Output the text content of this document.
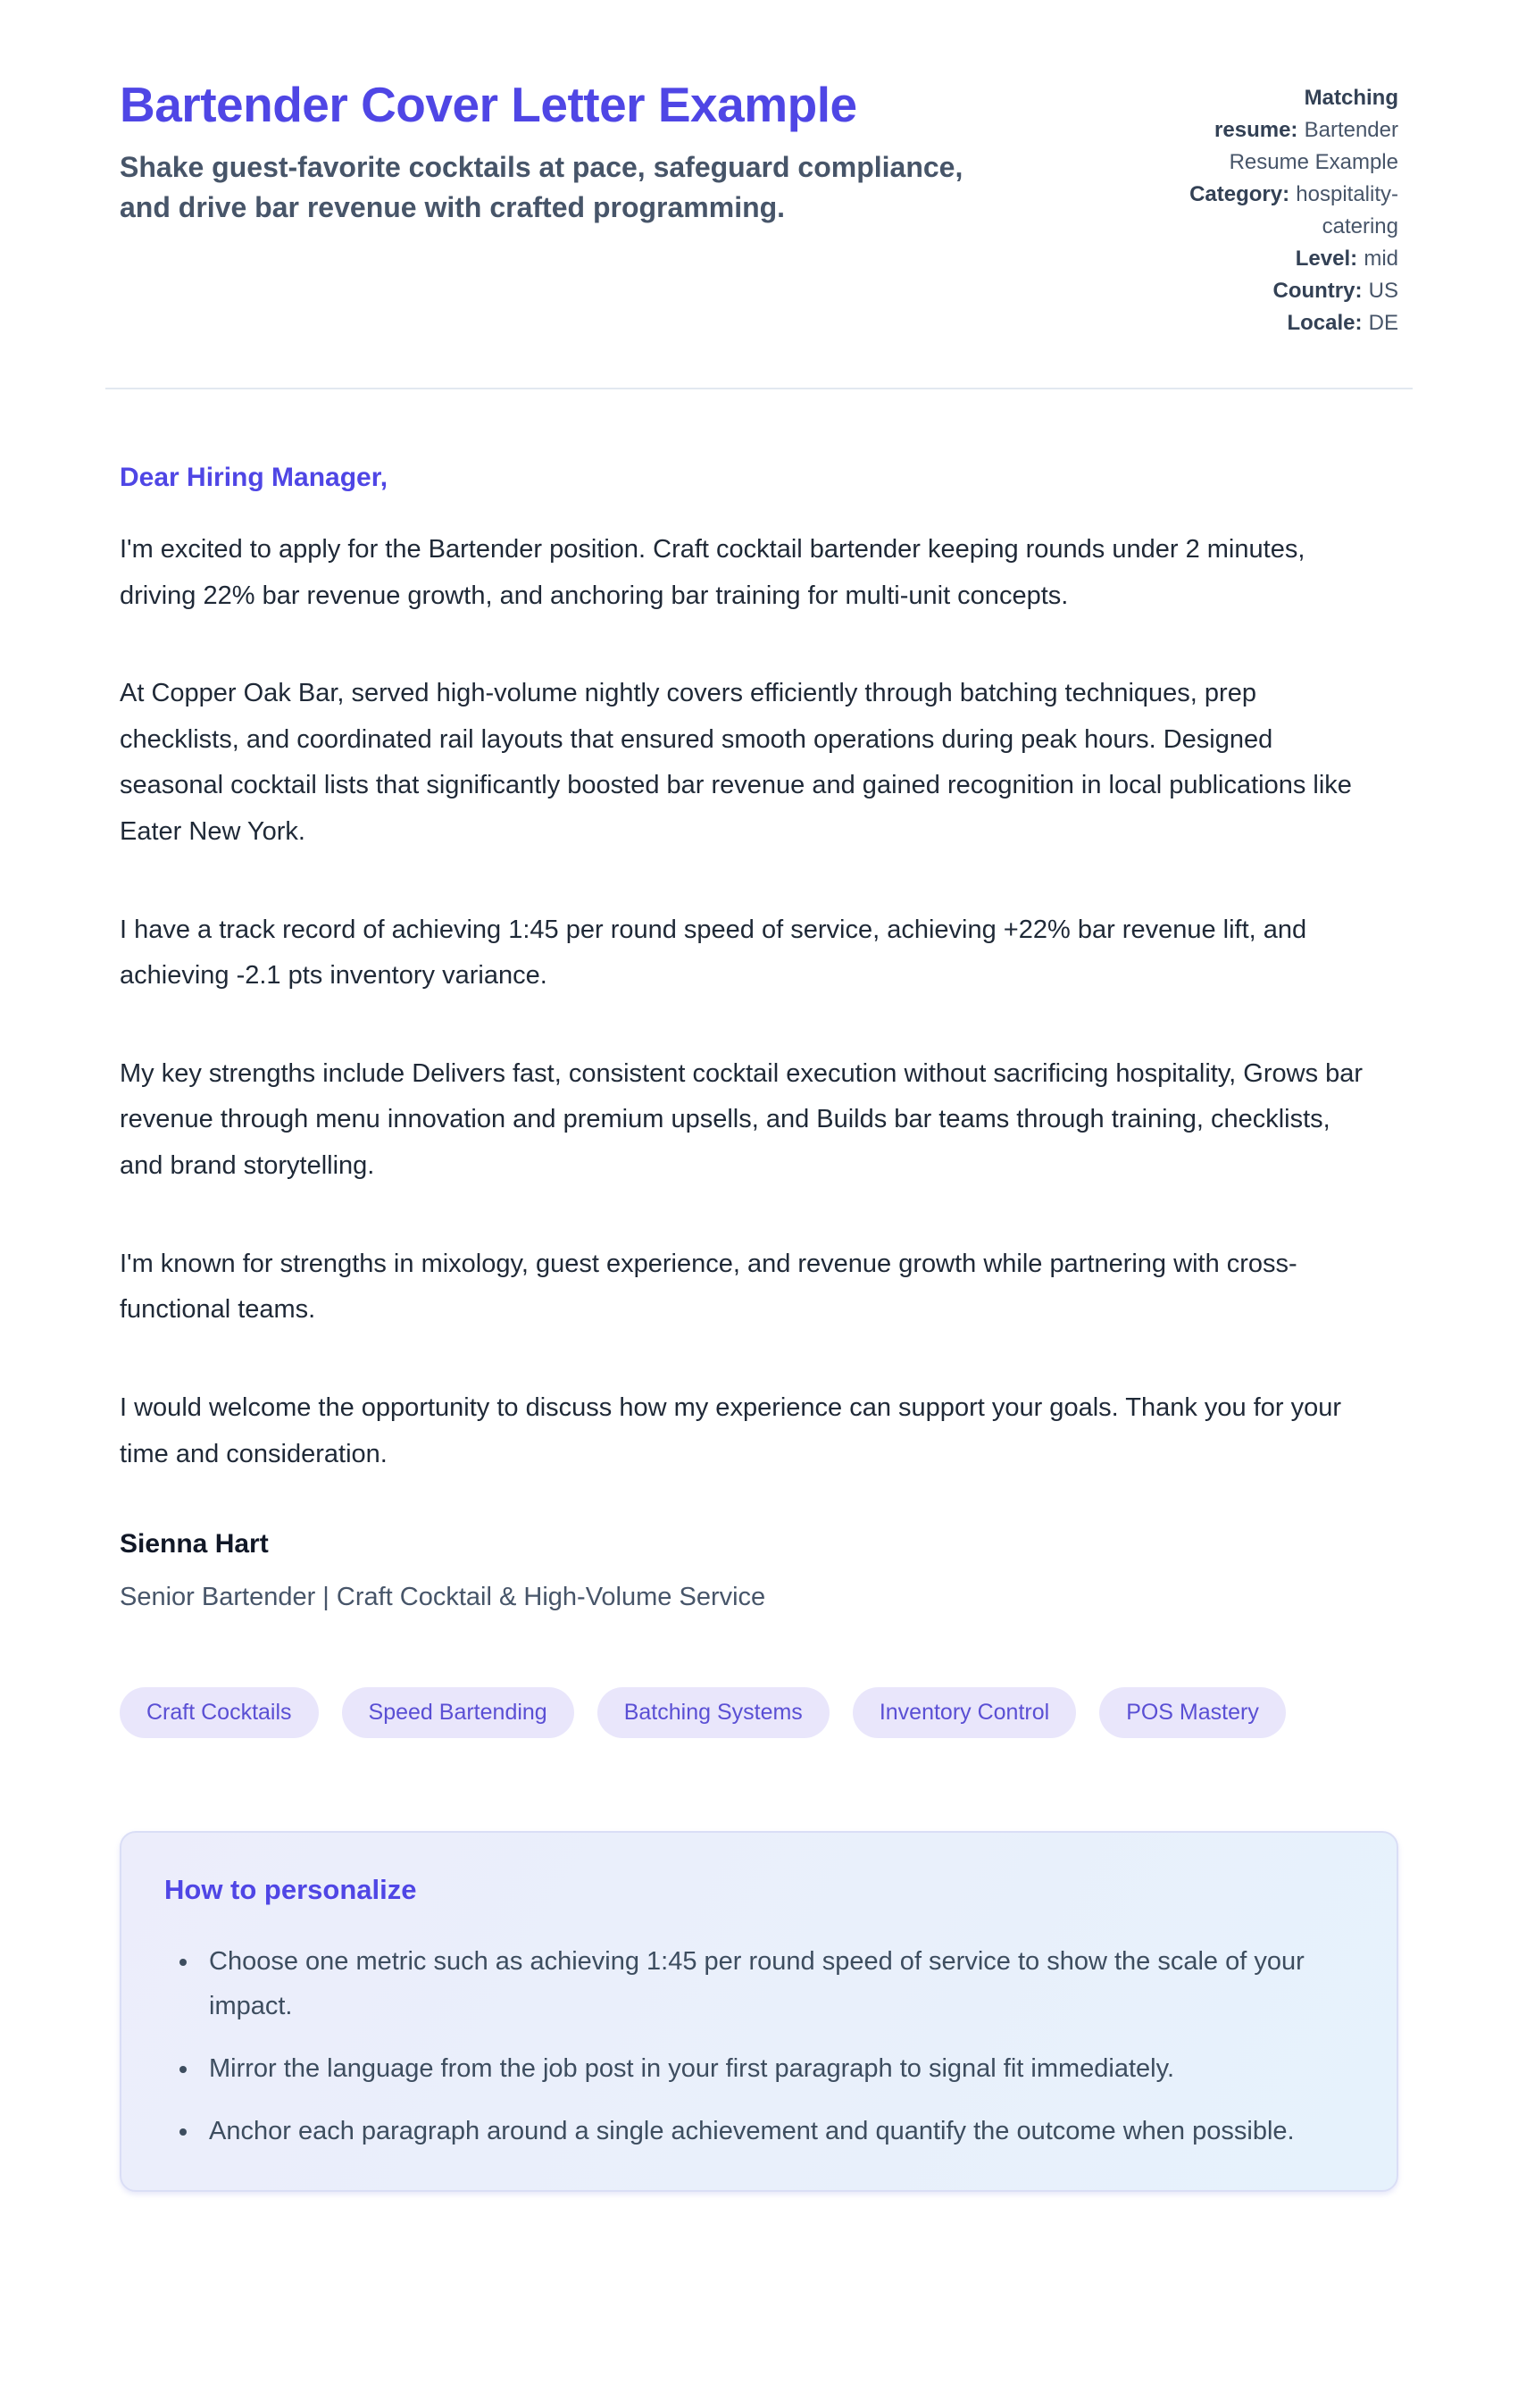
Bartender Cover Letter Example
Shake guest-favorite cocktails at pace, safeguard compliance, and drive bar revenue with crafted programming.
Matching resume: Bartender Resume Example
Category: hospitality-catering
Level: mid
Country: US
Locale: DE

Dear Hiring Manager,

I'm excited to apply for the Bartender position. Craft cocktail bartender keeping rounds under 2 minutes, driving 22% bar revenue growth, and anchoring bar training for multi-unit concepts.

At Copper Oak Bar, served high-volume nightly covers efficiently through batching techniques, prep checklists, and coordinated rail layouts that ensured smooth operations during peak hours. Designed seasonal cocktail lists that significantly boosted bar revenue and gained recognition in local publications like Eater New York.

I have a track record of achieving 1:45 per round speed of service, achieving +22% bar revenue lift, and achieving -2.1 pts inventory variance.

My key strengths include Delivers fast, consistent cocktail execution without sacrificing hospitality, Grows bar revenue through menu innovation and premium upsells, and Builds bar teams through training, checklists, and brand storytelling.

I'm known for strengths in mixology, guest experience, and revenue growth while partnering with cross-functional teams.

I would welcome the opportunity to discuss how my experience can support your goals. Thank you for your time and consideration.

Sienna Hart

Senior Bartender | Craft Cocktail & High-Volume Service

Craft Cocktails	Speed Bartending	Batching Systems	Inventory Control	POS Mastery

How to personalize

• Choose one metric such as achieving 1:45 per round speed of service to show the scale of your impact.
• Mirror the language from the job post in your first paragraph to signal fit immediately.
• Anchor each paragraph around a single achievement and quantify the outcome when possible.
